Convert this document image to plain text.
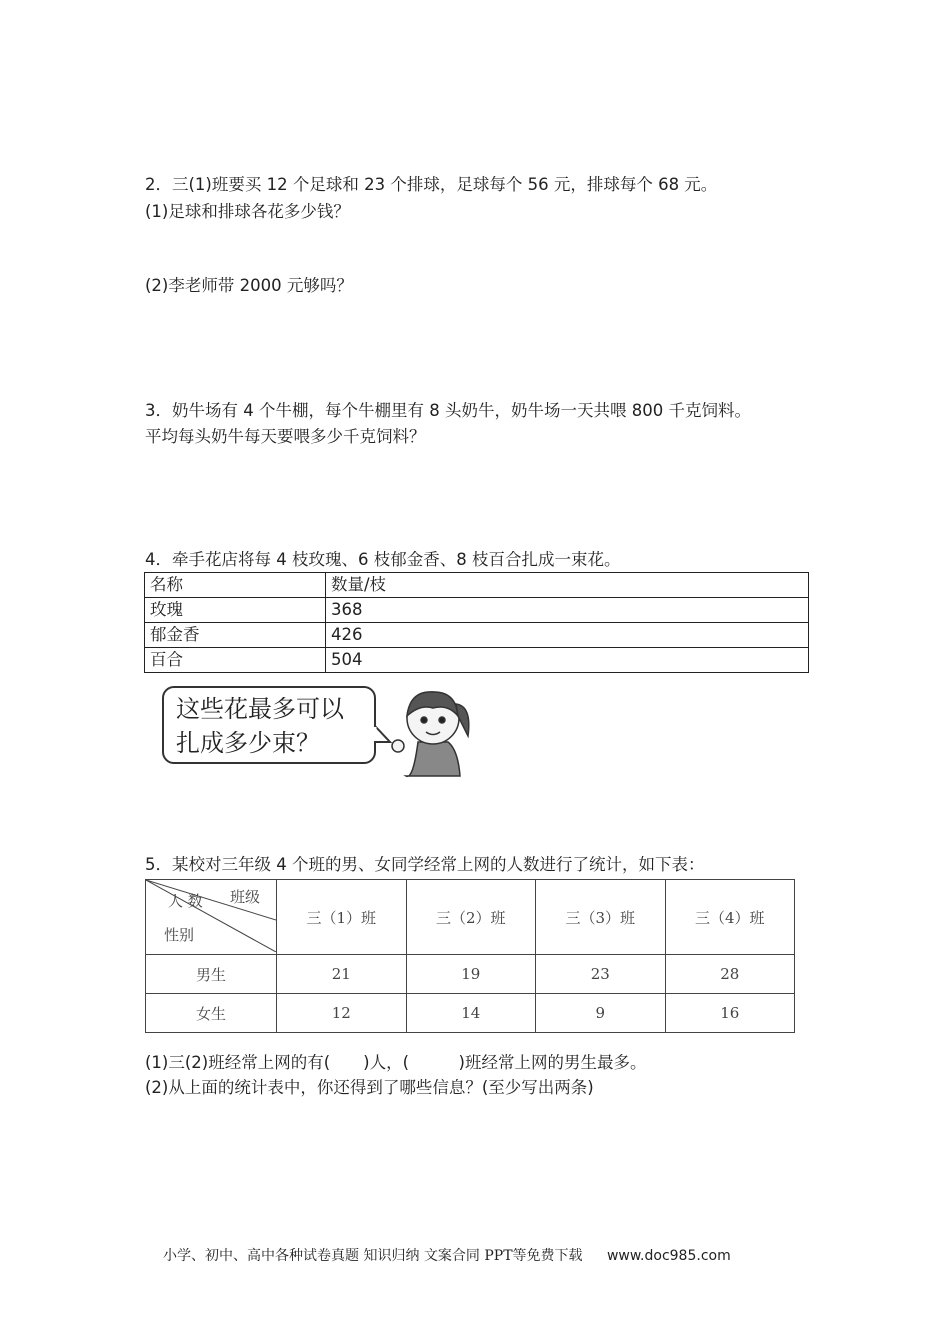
2．三(1)班要买 12 个足球和 23 个排球，足球每个 56 元，排球每个 68 元。
(1)足球和排球各花多少钱？
(2)李老师带 2000 元够吗？
3．奶牛场有 4 个牛棚，每个牛棚里有 8 头奶牛，奶牛场一天共喂 800 千克饲料。
平均每头奶牛每天要喂多少千克饲料？
4．牵手花店将每 4 枝玫瑰、6 枝郁金香、8 枝百合扎成一束花。
名称	数量/枝
玫瑰	368
郁金香	426
百合	504
这些花最多可以
扎成多少束？
5．某校对三年级 4 个班的男、女同学经常上网的人数进行了统计，如下表：
人 数 班级
性别	三（1）班	三（2）班	三（3）班	三（4）班
男生	21	19	23	28
女生	12	14	9	16
(1)三(2)班经常上网的有(　　)人，(　　　)班经常上网的男生最多。
(2)从上面的统计表中，你还得到了哪些信息？(至少写出两条)
小学、初中、高中各种试卷真题 知识归纳 文案合同 PPT等免费下载 www.doc985.com
